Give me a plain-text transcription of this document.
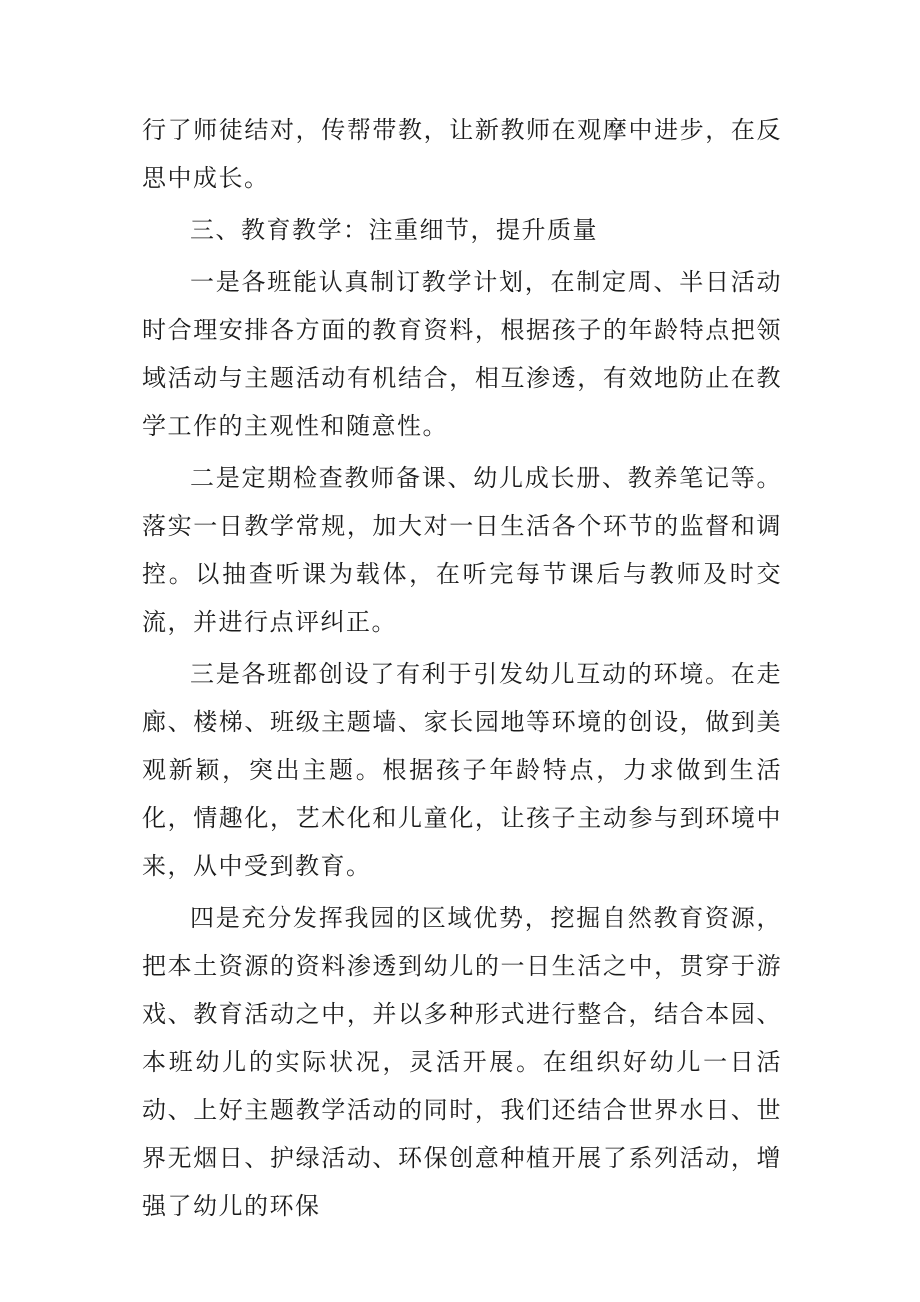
行了师徒结对，传帮带教，让新教师在观摩中进步，在反思中成长。

三、教育教学：注重细节，提升质量

一是各班能认真制订教学计划，在制定周、半日活动时合理安排各方面的教育资料，根据孩子的年龄特点把领域活动与主题活动有机结合，相互渗透，有效地防止在教学工作的主观性和随意性。

二是定期检查教师备课、幼儿成长册、教养笔记等。落实一日教学常规，加大对一日生活各个环节的监督和调控。以抽查听课为载体，在听完每节课后与教师及时交流，并进行点评纠正。

三是各班都创设了有利于引发幼儿互动的环境。在走廊、楼梯、班级主题墙、家长园地等环境的创设，做到美观新颖，突出主题。根据孩子年龄特点，力求做到生活化，情趣化，艺术化和儿童化，让孩子主动参与到环境中来，从中受到教育。

四是充分发挥我园的区域优势，挖掘自然教育资源，把本土资源的资料渗透到幼儿的一日生活之中，贯穿于游戏、教育活动之中，并以多种形式进行整合，结合本园、本班幼儿的实际状况，灵活开展。在组织好幼儿一日活动、上好主题教学活动的同时，我们还结合世界水日、世界无烟日、护绿活动、环保创意种植开展了系列活动，增强了幼儿的环保
